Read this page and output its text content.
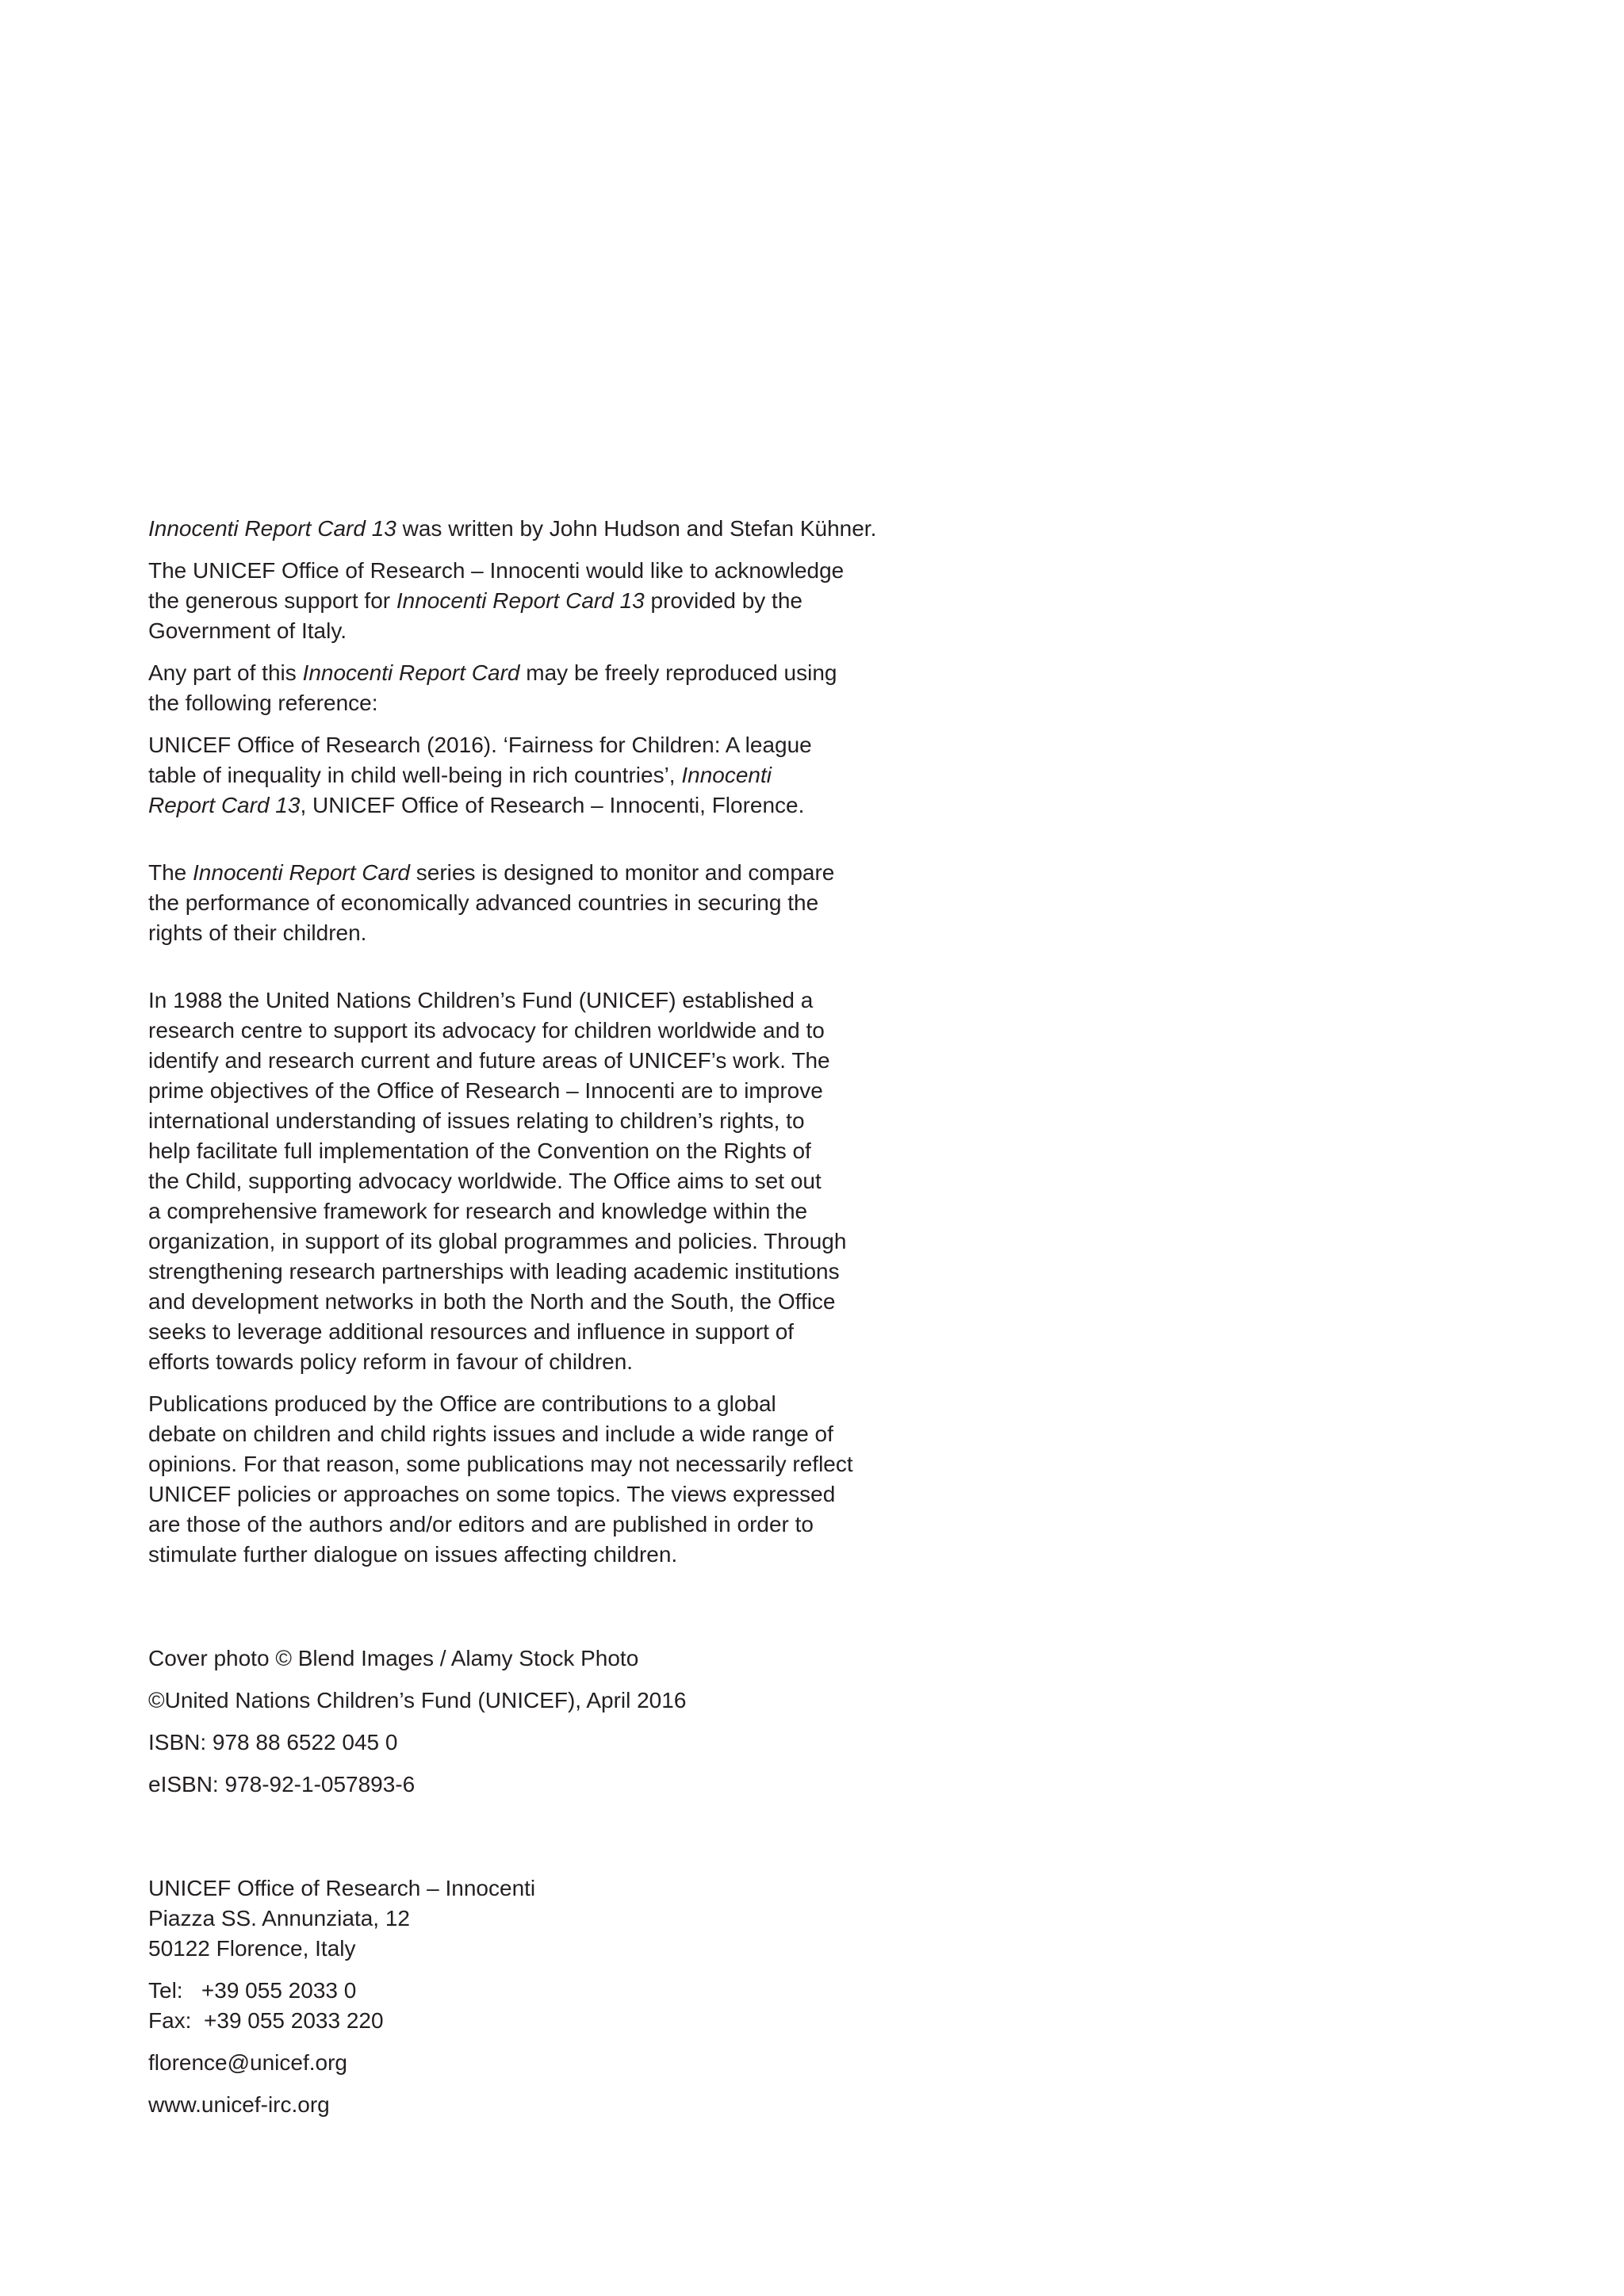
Innocenti Report Card 13 was written by John Hudson and Stefan Kühner.

The UNICEF Office of Research – Innocenti would like to acknowledge
the generous support for Innocenti Report Card 13 provided by the
Government of Italy.

Any part of this Innocenti Report Card may be freely reproduced using
the following reference:

UNICEF Office of Research (2016). ‘Fairness for Children: A league
table of inequality in child well-being in rich countries’, Innocenti
Report Card 13, UNICEF Office of Research – Innocenti, Florence.

The Innocenti Report Card series is designed to monitor and compare
the performance of economically advanced countries in securing the
rights of their children.

In 1988 the United Nations Children’s Fund (UNICEF) established a
research centre to support its advocacy for children worldwide and to
identify and research current and future areas of UNICEF’s work. The
prime objectives of the Office of Research – Innocenti are to improve
international understanding of issues relating to children’s rights, to
help facilitate full implementation of the Convention on the Rights of
the Child, supporting advocacy worldwide. The Office aims to set out
a comprehensive framework for research and knowledge within the
organization, in support of its global programmes and policies. Through
strengthening research partnerships with leading academic institutions
and development networks in both the North and the South, the Office
seeks to leverage additional resources and influence in support of
efforts towards policy reform in favour of children.

Publications produced by the Office are contributions to a global
debate on children and child rights issues and include a wide range of
opinions. For that reason, some publications may not necessarily reflect
UNICEF policies or approaches on some topics. The views expressed
are those of the authors and/or editors and are published in order to
stimulate further dialogue on issues affecting children.

Cover photo © Blend Images / Alamy Stock Photo

©United Nations Children’s Fund (UNICEF), April 2016

ISBN: 978 88 6522 045 0

eISBN: 978-92-1-057893-6

UNICEF Office of Research – Innocenti
Piazza SS. Annunziata, 12
50122 Florence, Italy

Tel:   +39 055 2033 0
Fax:  +39 055 2033 220

florence@unicef.org

www.unicef-irc.org
